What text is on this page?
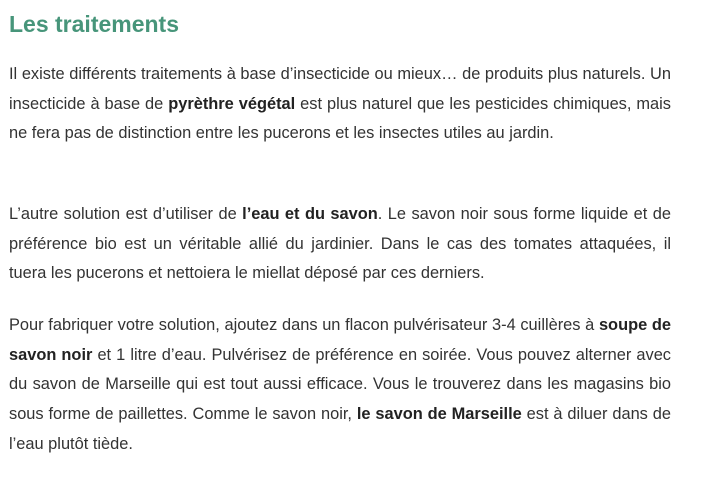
Les traitements

Il existe différents traitements à base d’insecticide ou mieux… de produits plus naturels. Un insecticide à base de pyrèthre végétal est plus naturel que les pesticides chimiques, mais ne fera pas de distinction entre les pucerons et les insectes utiles au jardin.

L’autre solution est d’utiliser de l’eau et du savon. Le savon noir sous forme liquide et de préférence bio est un véritable allié du jardinier. Dans le cas des tomates attaquées, il tuera les pucerons et nettoiera le miellat déposé par ces derniers.

Pour fabriquer votre solution, ajoutez dans un flacon pulvérisateur 3-4 cuillères à soupe de savon noir et 1 litre d’eau. Pulvérisez de préférence en soirée. Vous pouvez alterner avec du savon de Marseille qui est tout aussi efficace. Vous le trouverez dans les magasins bio sous forme de paillettes. Comme le savon noir, le savon de Marseille est à diluer dans de l’eau plutôt tiède.
